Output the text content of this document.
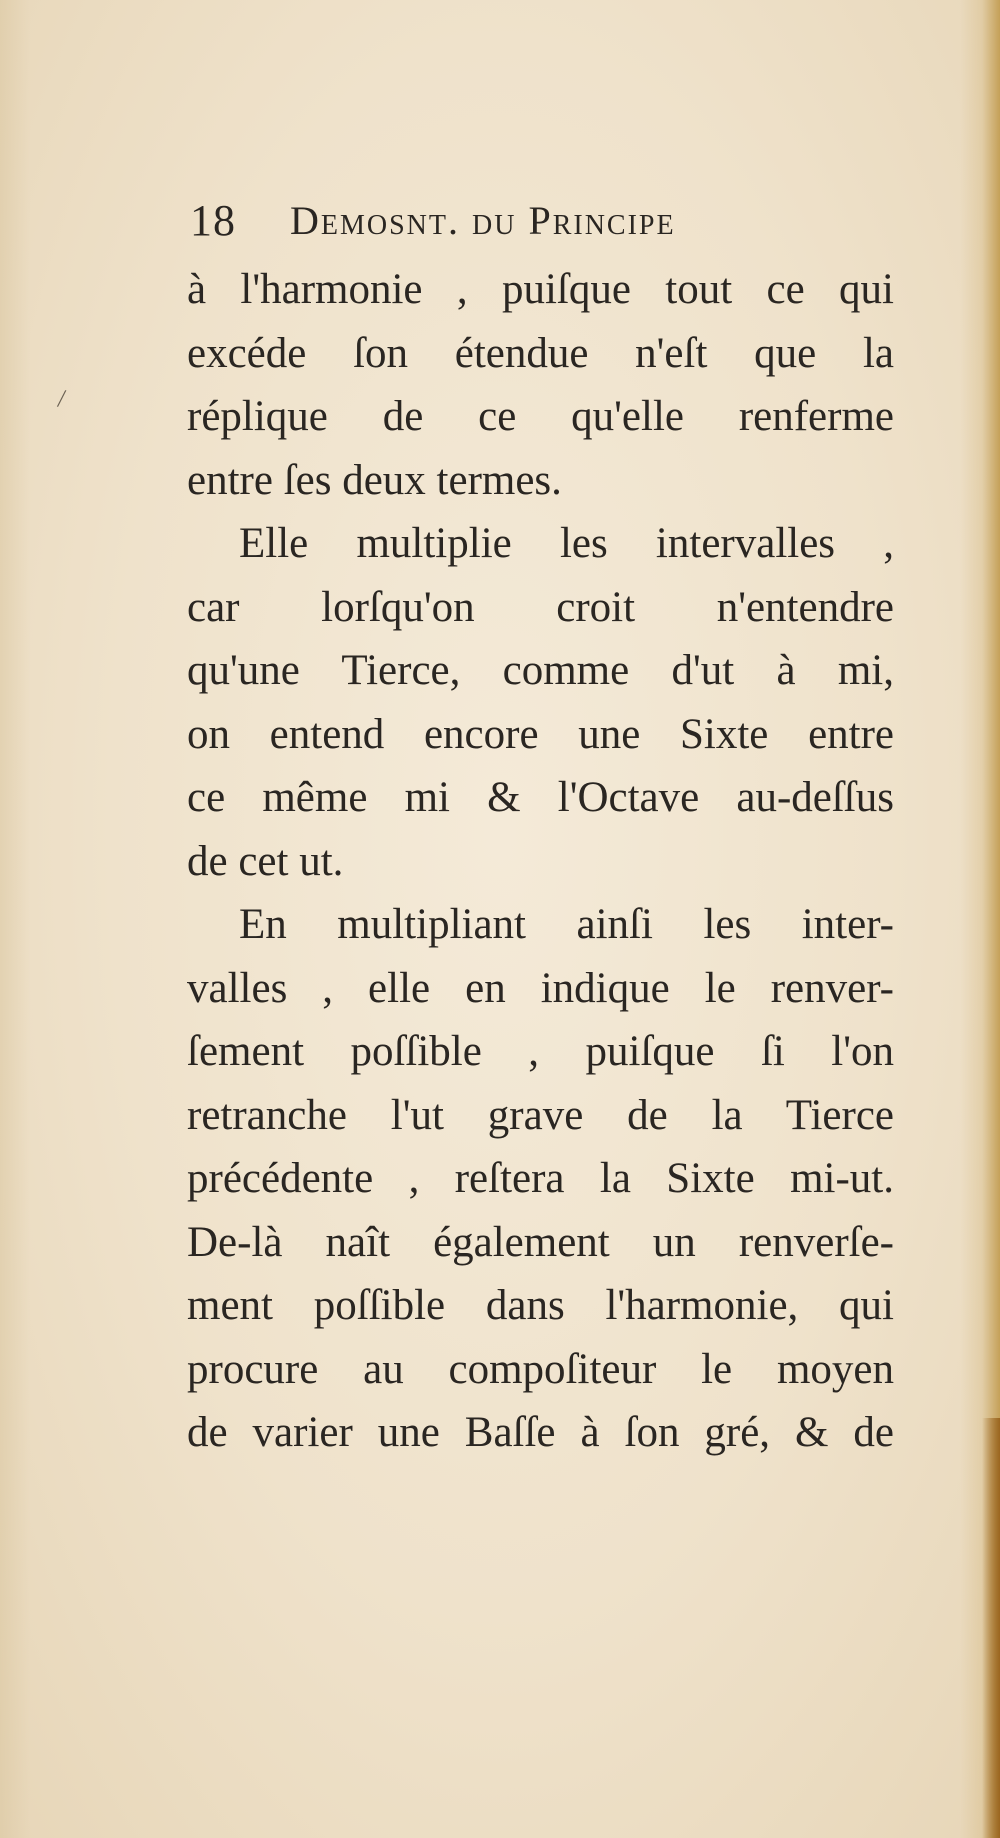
/
18 Demosnt. du Principe
à l'harmonie , puiſque tout ce qui
excéde ſon étendue n'eſt que la
réplique de ce qu'elle renferme
entre ſes deux termes.
Elle multiplie les intervalles ,
car lorſqu'on croit n'entendre
qu'une Tierce, comme d'ut à mi,
on entend encore une Sixte entre
ce même mi & l'Octave au-deſſus
de cet ut.
En multipliant ainſi les inter-
valles , elle en indique le renver-
ſement poſſible , puiſque ſi l'on
retranche l'ut grave de la Tierce
précédente , reſtera la Sixte mi-ut.
De-là naît également un renverſe-
ment poſſible dans l'harmonie, qui
procure au compoſiteur le moyen
de varier une Baſſe à ſon gré, & de
